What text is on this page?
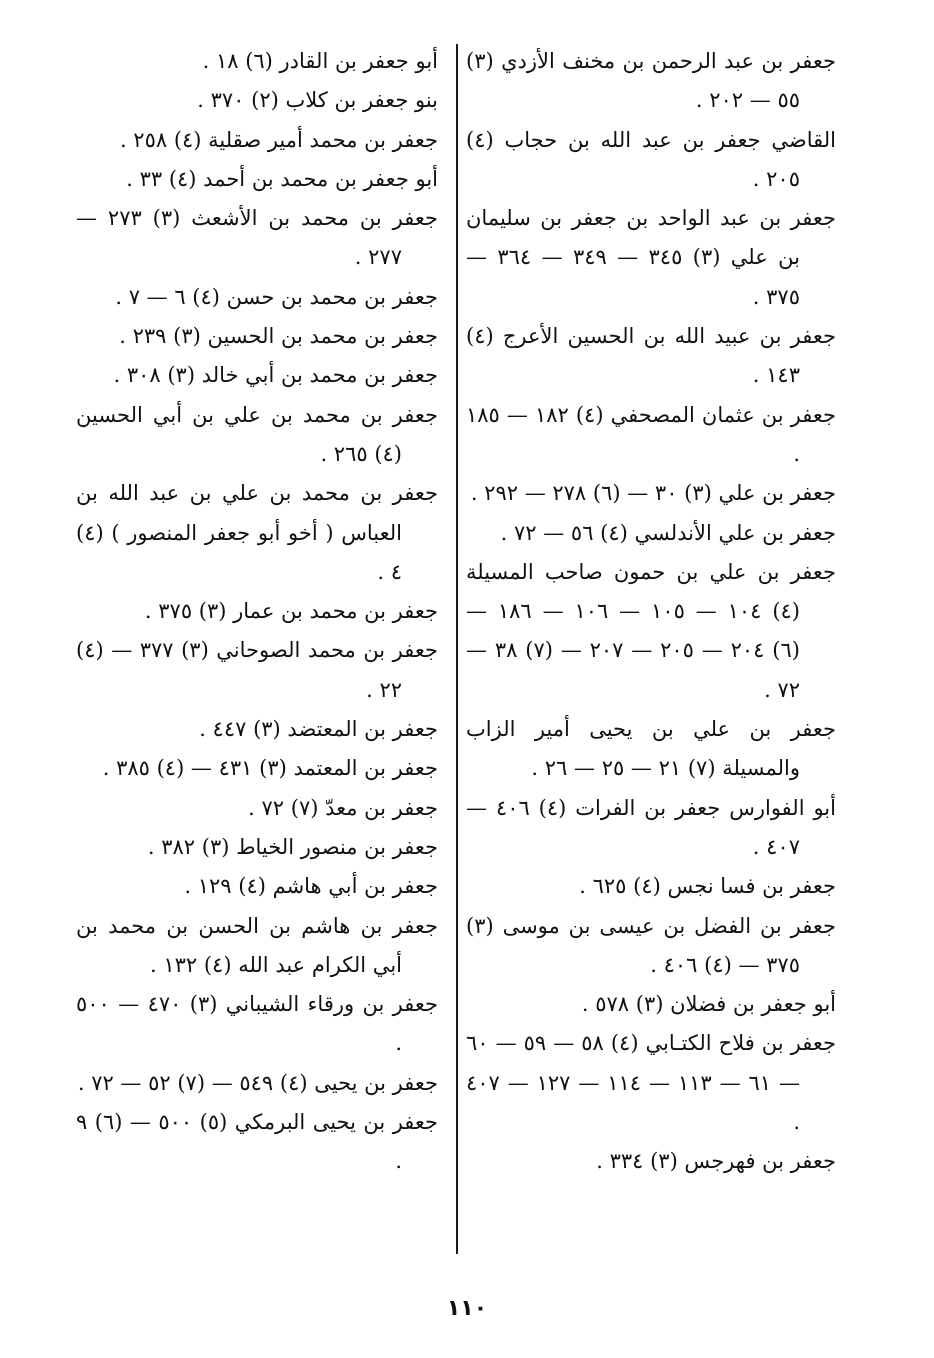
جعفر بن عبد الرحمن بن مخنف الأزدي (٣) ٥٥ — ٢٠٢ .

القاضي جعفر بن عبد الله بن حجاب (٤) ٢٠٥ .

جعفر بن عبد الواحد بن جعفر بن سليمان بن علي (٣) ٣٤٥ — ٣٤٩ — ٣٦٤ — ٣٧٥ .

جعفر بن عبيد الله بن الحسين الأعرج (٤) ١٤٣ .

جعفر بن عثمان المصحفي (٤) ١٨٢ — ١٨٥ .

جعفر بن علي (٣) ٣٠ — (٦) ٢٧٨ — ٢٩٢ .

جعفر بن علي الأندلسي (٤) ٥٦ — ٧٢ .

جعفر بن علي بن حمون صاحب المسيلة (٤) ١٠٤ — ١٠٥ — ١٠٦ — ١٨٦ — (٦) ٢٠٤ — ٢٠٥ — ٢٠٧ — (٧) ٣٨ — ٧٢ .

جعفر بن علي بن يحيى أمير الزاب والمسيلة (٧) ٢١ — ٢٥ — ٢٦ .

أبو الفوارس جعفر بن الفرات (٤) ٤٠٦ — ٤٠٧ .

جعفر بن فسا نجس (٤) ٦٢٥ .

جعفر بن الفضل بن عيسى بن موسى (٣) ٣٧٥ — (٤) ٤٠٦ .

أبو جعفر بن فضلان (٣) ٥٧٨ .

جعفر بن فلاح الكتـابي (٤) ٥٨ — ٥٩ — ٦٠ — ٦١ — ١١٣ — ١١٤ — ١٢٧ — ٤٠٧ .

جعفر بن فهرجس (٣) ٣٣٤ .

أبو جعفر بن القادر (٦) ١٨ .

بنو جعفر بن كلاب (٢) ٣٧٠ .

جعفر بن محمد أمير صقلية (٤) ٢٥٨ .

أبو جعفر بن محمد بن أحمد (٤) ٣٣ .

جعفر بن محمد بن الأشعث (٣) ٢٧٣ — ٢٧٧ .

جعفر بن محمد بن حسن (٤) ٦ — ٧ .

جعفر بن محمد بن الحسين (٣) ٢٣٩ .

جعفر بن محمد بن أبي خالد (٣) ٣٠٨ .

جعفر بن محمد بن علي بن أبي الحسين (٤) ٢٦٥ .

جعفر بن محمد بن علي بن عبد الله بن العباس ( أخو أبو جعفر المنصور ) (٤) ٤ .

جعفر بن محمد بن عمار (٣) ٣٧٥ .

جعفر بن محمد الصوحاني (٣) ٣٧٧ — (٤) ٢٢ .

جعفر بن المعتضد (٣) ٤٤٧ .

جعفر بن المعتمد (٣) ٤٣١ — (٤) ٣٨٥ .

جعفر بن معدّ (٧) ٧٢ .

جعفر بن منصور الخياط (٣) ٣٨٢ .

جعفر بن أبي هاشم (٤) ١٢٩ .

جعفر بن هاشم بن الحسن بن محمد بن أبي الكرام عبد الله (٤) ١٣٢ .

جعفر بن ورقاء الشيباني (٣) ٤٧٠ — ٥٠٠ .

جعفر بن يحيى (٤) ٥٤٩ — (٧) ٥٢ — ٧٢ .

جعفر بن يحيى البرمكي (٥) ٥٠٠ — (٦) ٩ .

١١٠
